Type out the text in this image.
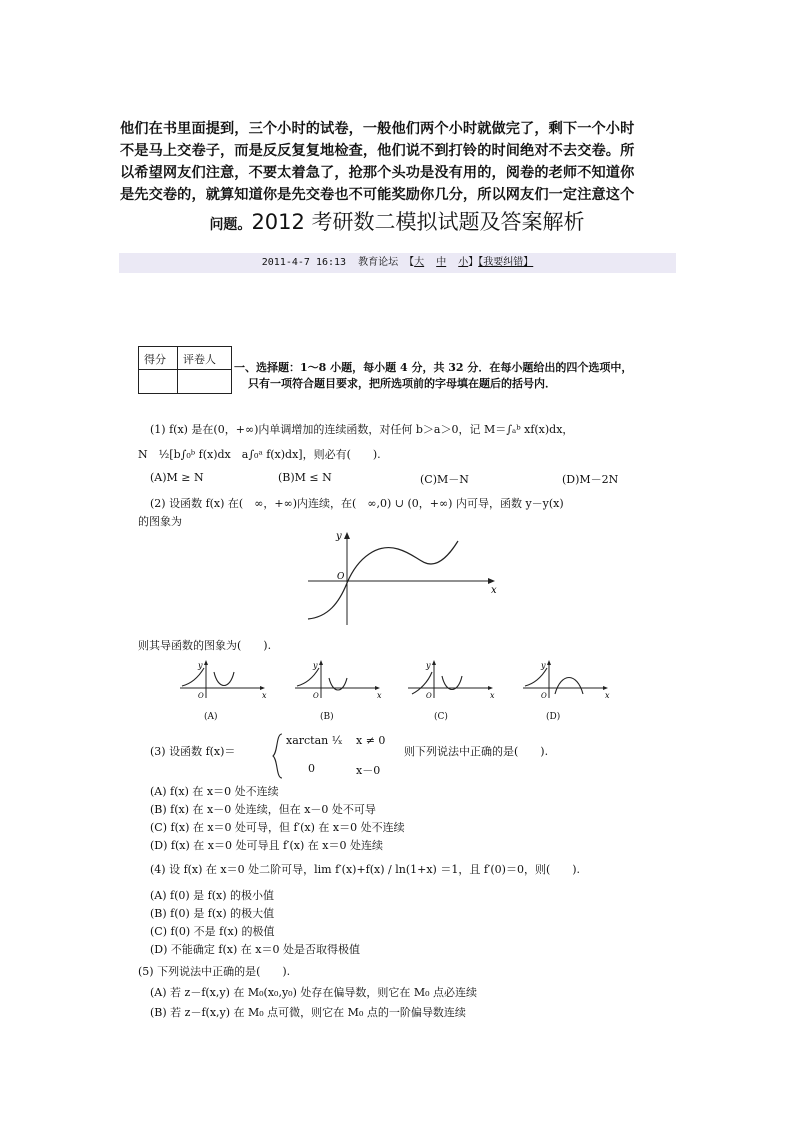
他们在书里面提到，三个小时的试卷，一般他们两个小时就做完了，剩下一个小时
不是马上交卷子，而是反反复复地检查，他们说不到打铃的时间绝对不去交卷。所
以希望网友们注意，不要太着急了，抢那个头功是没有用的，阅卷的老师不知道你
是先交卷的，就算知道你是先交卷也不可能奖励你几分，所以网友们一定注意这个
问题。2012 考研数二模拟试题及答案解析
2011-4-7 16:13 教育论坛 【大 中 小】【我要纠错】
得分 评卷人
一、选择题：1～8 小题，每小题 4 分，共 32 分．在每小题给出的四个选项中，
只有一项符合题目要求，把所选项前的字母填在题后的括号内．
(1) f(x) 是在(0，+∞)内单调增加的连续函数，对任何 b＞a＞0，记 M＝∫ₐᵇ xf(x)dx，
N　½[b∫₀ᵇ f(x)dx　a∫₀ᵃ f(x)dx]，则必有(　　).
(A)M ≥ N	(B)M ≤ N	(C)M－N	(D)M－2N
(2) 设函数 f(x) 在(　∞，+∞)内连续，在(　∞,0) ∪ (0，+∞) 内可导，函数 y－y(x)
的图象为
y
O
x
则其导函数的图象为(　　).
y
O	x
y
O	x
y
O	x
y
O	x
(A)	(B)	(C)	(D)
(3) 设函数 f(x)＝
xarctan ¹⁄ₓ x ≠ 0
0	x－0
则下列说法中正确的是(　　).
(A) f(x) 在 x＝0 处不连续
(B) f(x) 在 x－0 处连续，但在 x－0 处不可导
(C) f(x) 在 x＝0 处可导，但 f′(x) 在 x＝0 处不连续
(D) f(x) 在 x＝0 处可导且 f′(x) 在 x＝0 处连续
(4) 设 f(x) 在 x＝0 处二阶可导，lim f′(x)+f(x) / ln(1+x) ＝1，且 f′(0)＝0，则(　　).
(A) f(0) 是 f(x) 的极小值
(B) f(0) 是 f(x) 的极大值
(C) f(0) 不是 f(x) 的极值
(D) 不能确定 f(x) 在 x＝0 处是否取得极值
(5) 下列说法中正确的是(　　).
(A) 若 z－f(x,y) 在 M₀(x₀,y₀) 处存在偏导数，则它在 M₀ 点必连续
(B) 若 z－f(x,y) 在 M₀ 点可微，则它在 M₀ 点的一阶偏导数连续
